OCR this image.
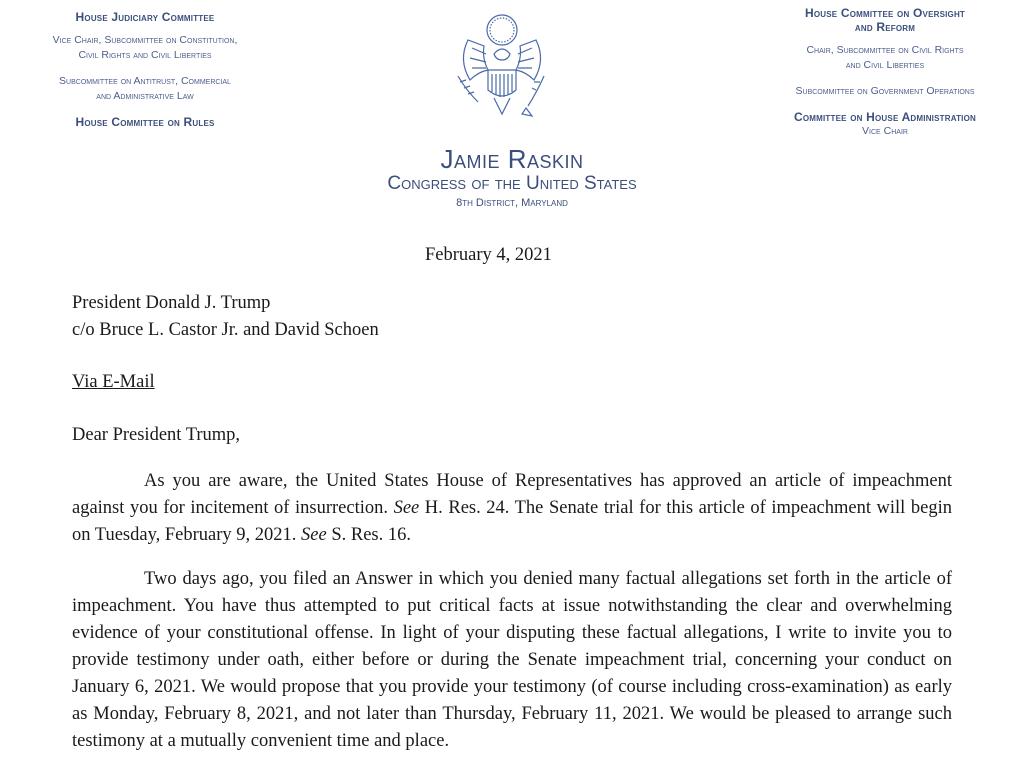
House Judiciary Committee
Vice Chair, Subcommittee on Constitution,
Civil Rights and Civil Liberties
Subcommittee on Antitrust, Commercial
and Administrative Law
House Committee on Rules
House Committee on Oversight
and Reform
Chair, Subcommittee on Civil Rights
and Civil Liberties
Subcommittee on Government Operations
Committee on House Administration
Vice Chair
Jamie Raskin
Congress of the United States
8th District, Maryland
February 4, 2021
President Donald J. Trump
c/o Bruce L. Castor Jr. and David Schoen
Via E-Mail
Dear President Trump,
As you are aware, the United States House of Representatives has approved an article of impeachment against you for incitement of insurrection. See H. Res. 24. The Senate trial for this article of impeachment will begin on Tuesday, February 9, 2021. See S. Res. 16.
Two days ago, you filed an Answer in which you denied many factual allegations set forth in the article of impeachment. You have thus attempted to put critical facts at issue notwithstanding the clear and overwhelming evidence of your constitutional offense. In light of your disputing these factual allegations, I write to invite you to provide testimony under oath, either before or during the Senate impeachment trial, concerning your conduct on January 6, 2021. We would propose that you provide your testimony (of course including cross-examination) as early as Monday, February 8, 2021, and not later than Thursday, February 11, 2021. We would be pleased to arrange such testimony at a mutually convenient time and place.
